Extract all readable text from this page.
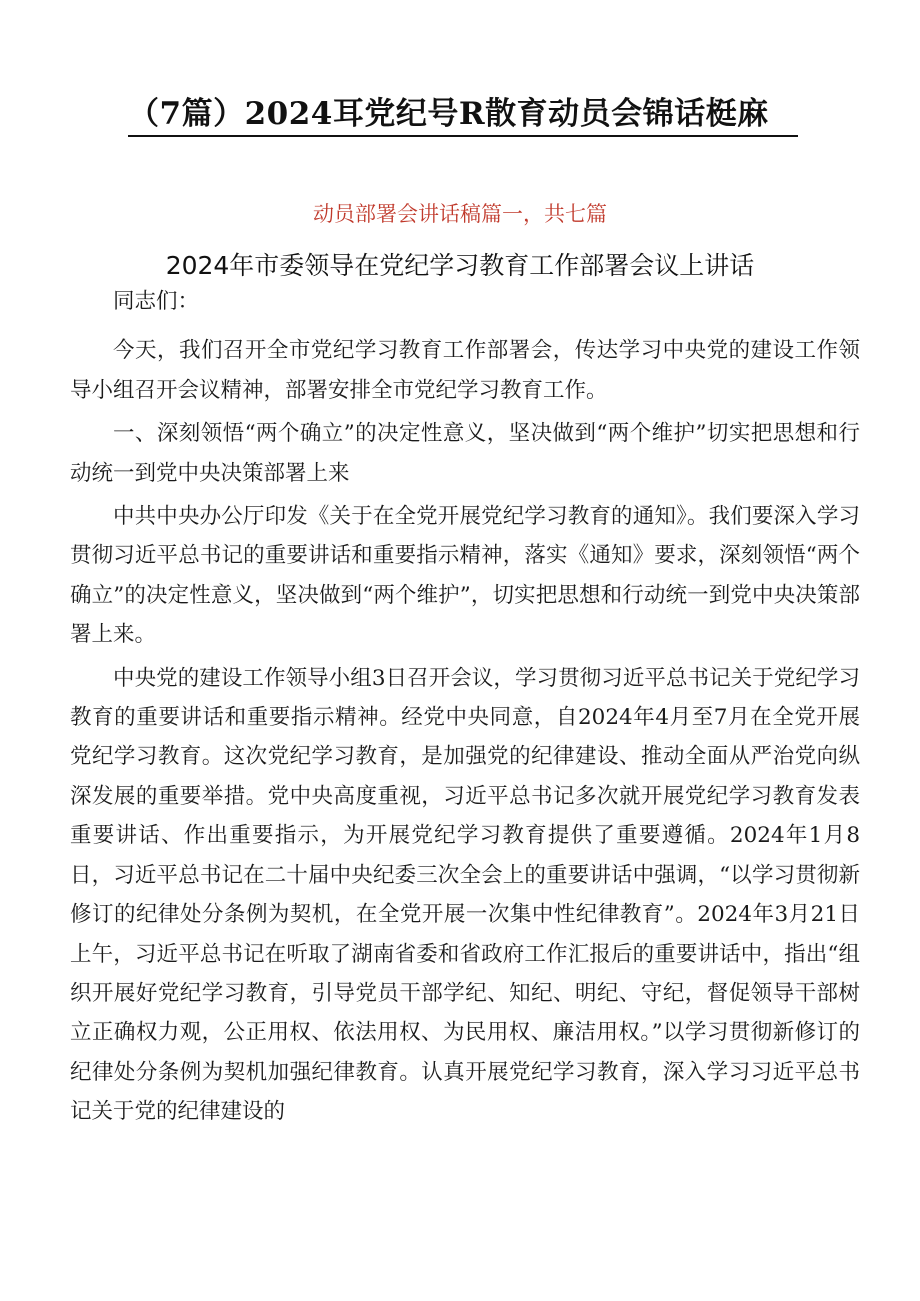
（7篇）2024耳党纪号R散育动员会锦话梃麻
动员部署会讲话稿篇一，共七篇
2024年市委领导在党纪学习教育工作部署会议上讲话

同志们：

今天，我们召开全市党纪学习教育工作部署会，传达学习中央党的建设工作领导小组召开会议精神，部署安排全市党纪学习教育工作。

一、深刻领悟“两个确立”的决定性意义，坚决做到“两个维护”切实把思想和行动统一到党中央决策部署上来

中共中央办公厅印发《关于在全党开展党纪学习教育的通知》。我们要深入学习贯彻习近平总书记的重要讲话和重要指示精神，落实《通知》要求，深刻领悟“两个确立”的决定性意义，坚决做到“两个维护”，切实把思想和行动统一到党中央决策部署上来。

中央党的建设工作领导小组3日召开会议，学习贯彻习近平总书记关于党纪学习教育的重要讲话和重要指示精神。经党中央同意，自2024年4月至7月在全党开展党纪学习教育。这次党纪学习教育，是加强党的纪律建设、推动全面从严治党向纵深发展的重要举措。党中央高度重视，习近平总书记多次就开展党纪学习教育发表重要讲话、作出重要指示，为开展党纪学习教育提供了重要遵循。2024年1月8日，习近平总书记在二十届中央纪委三次全会上的重要讲话中强调，“以学习贯彻新修订的纪律处分条例为契机，在全党开展一次集中性纪律教育”。2024年3月21日上午，习近平总书记在听取了湖南省委和省政府工作汇报后的重要讲话中，指出“组织开展好党纪学习教育，引导党员干部学纪、知纪、明纪、守纪，督促领导干部树立正确权力观，公正用权、依法用权、为民用权、廉洁用权。”以学习贯彻新修订的纪律处分条例为契机加强纪律教育。认真开展党纪学习教育，深入学习习近平总书记关于党的纪律建设的
